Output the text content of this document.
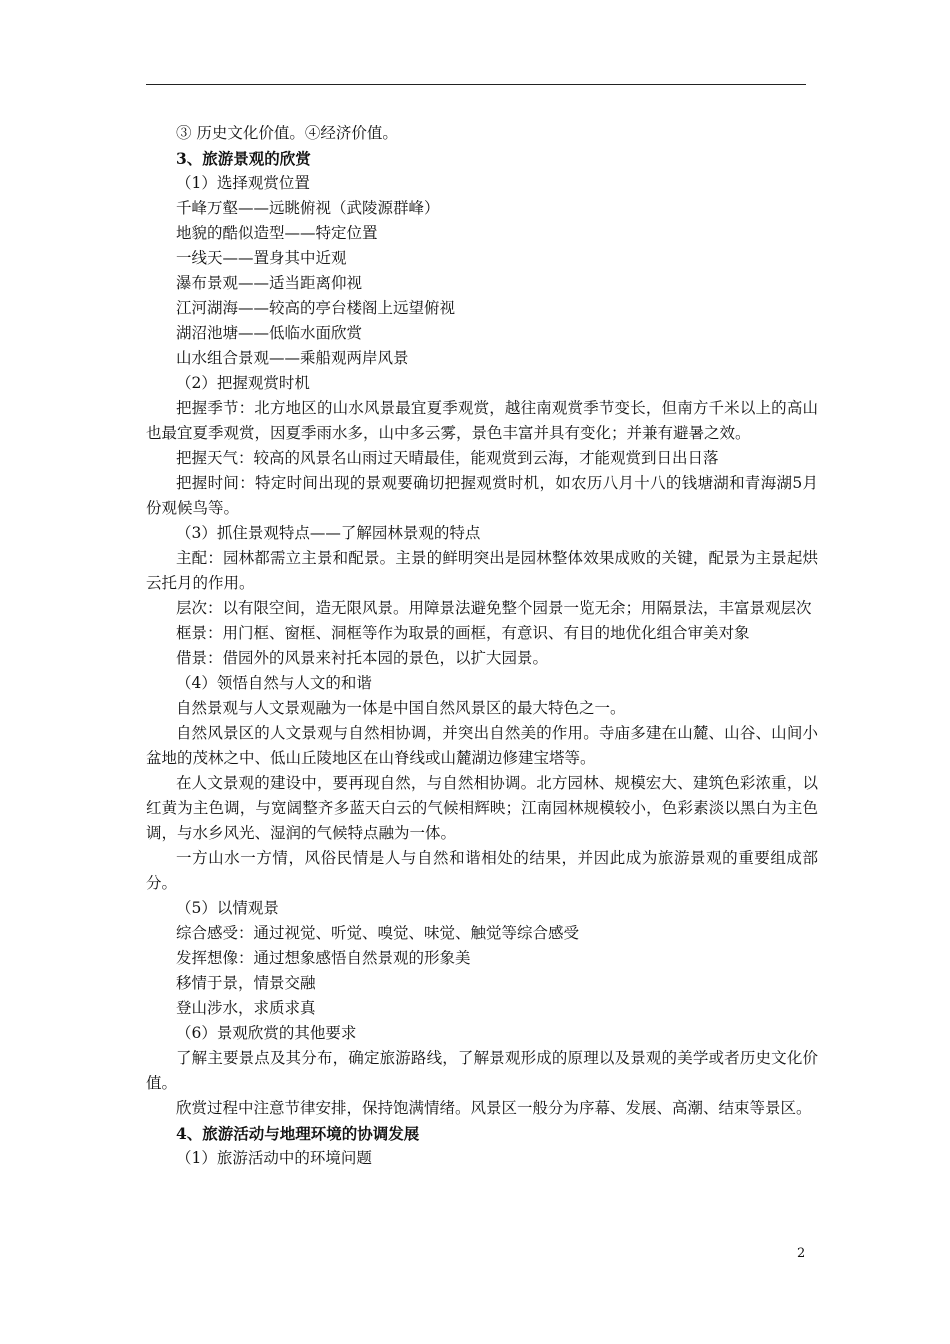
③ 历史文化价值。④经济价值。
3、旅游景观的欣赏
（1）选择观赏位置
千峰万壑——远眺俯视（武陵源群峰）
地貌的酷似造型——特定位置
一线天——置身其中近观
瀑布景观——适当距离仰视
江河湖海——较高的亭台楼阁上远望俯视
湖沼池塘——低临水面欣赏
山水组合景观——乘船观两岸风景
（2）把握观赏时机

把握季节：北方地区的山水风景最宜夏季观赏，越往南观赏季节变长，但南方千米以上的高山也最宜夏季观赏，因夏季雨水多，山中多云雾，景色丰富并具有变化；并兼有避暑之效。

把握天气：较高的风景名山雨过天晴最佳，能观赏到云海，才能观赏到日出日落

把握时间：特定时间出现的景观要确切把握观赏时机，如农历八月十八的钱塘湖和青海湖5月份观候鸟等。

（3）抓住景观特点——了解园林景观的特点

主配：园林都需立主景和配景。主景的鲜明突出是园林整体效果成败的关键，配景为主景起烘云托月的作用。

层次：以有限空间，造无限风景。用障景法避免整个园景一览无余；用隔景法，丰富景观层次

框景：用门框、窗框、洞框等作为取景的画框，有意识、有目的地优化组合审美对象

借景：借园外的风景来衬托本园的景色，以扩大园景。

（4）领悟自然与人文的和谐

自然景观与人文景观融为一体是中国自然风景区的最大特色之一。

自然风景区的人文景观与自然相协调，并突出自然美的作用。寺庙多建在山麓、山谷、山间小盆地的茂林之中、低山丘陵地区在山脊线或山麓湖边修建宝塔等。

在人文景观的建设中，要再现自然，与自然相协调。北方园林、规模宏大、建筑色彩浓重，以红黄为主色调，与宽阔整齐多蓝天白云的气候相辉映；江南园林规模较小，色彩素淡以黑白为主色调，与水乡风光、湿润的气候特点融为一体。

一方山水一方情，风俗民情是人与自然和谐相处的结果，并因此成为旅游景观的重要组成部分。

（5）以情观景

综合感受：通过视觉、听觉、嗅觉、味觉、触觉等综合感受

发挥想像：通过想象感悟自然景观的形象美

移情于景，情景交融

登山涉水，求质求真

（6）景观欣赏的其他要求

了解主要景点及其分布，确定旅游路线，了解景观形成的原理以及景观的美学或者历史文化价值。

欣赏过程中注意节律安排，保持饱满情绪。风景区一般分为序幕、发展、高潮、结束等景区。

4、旅游活动与地理环境的协调发展
（1）旅游活动中的环境问题
2
